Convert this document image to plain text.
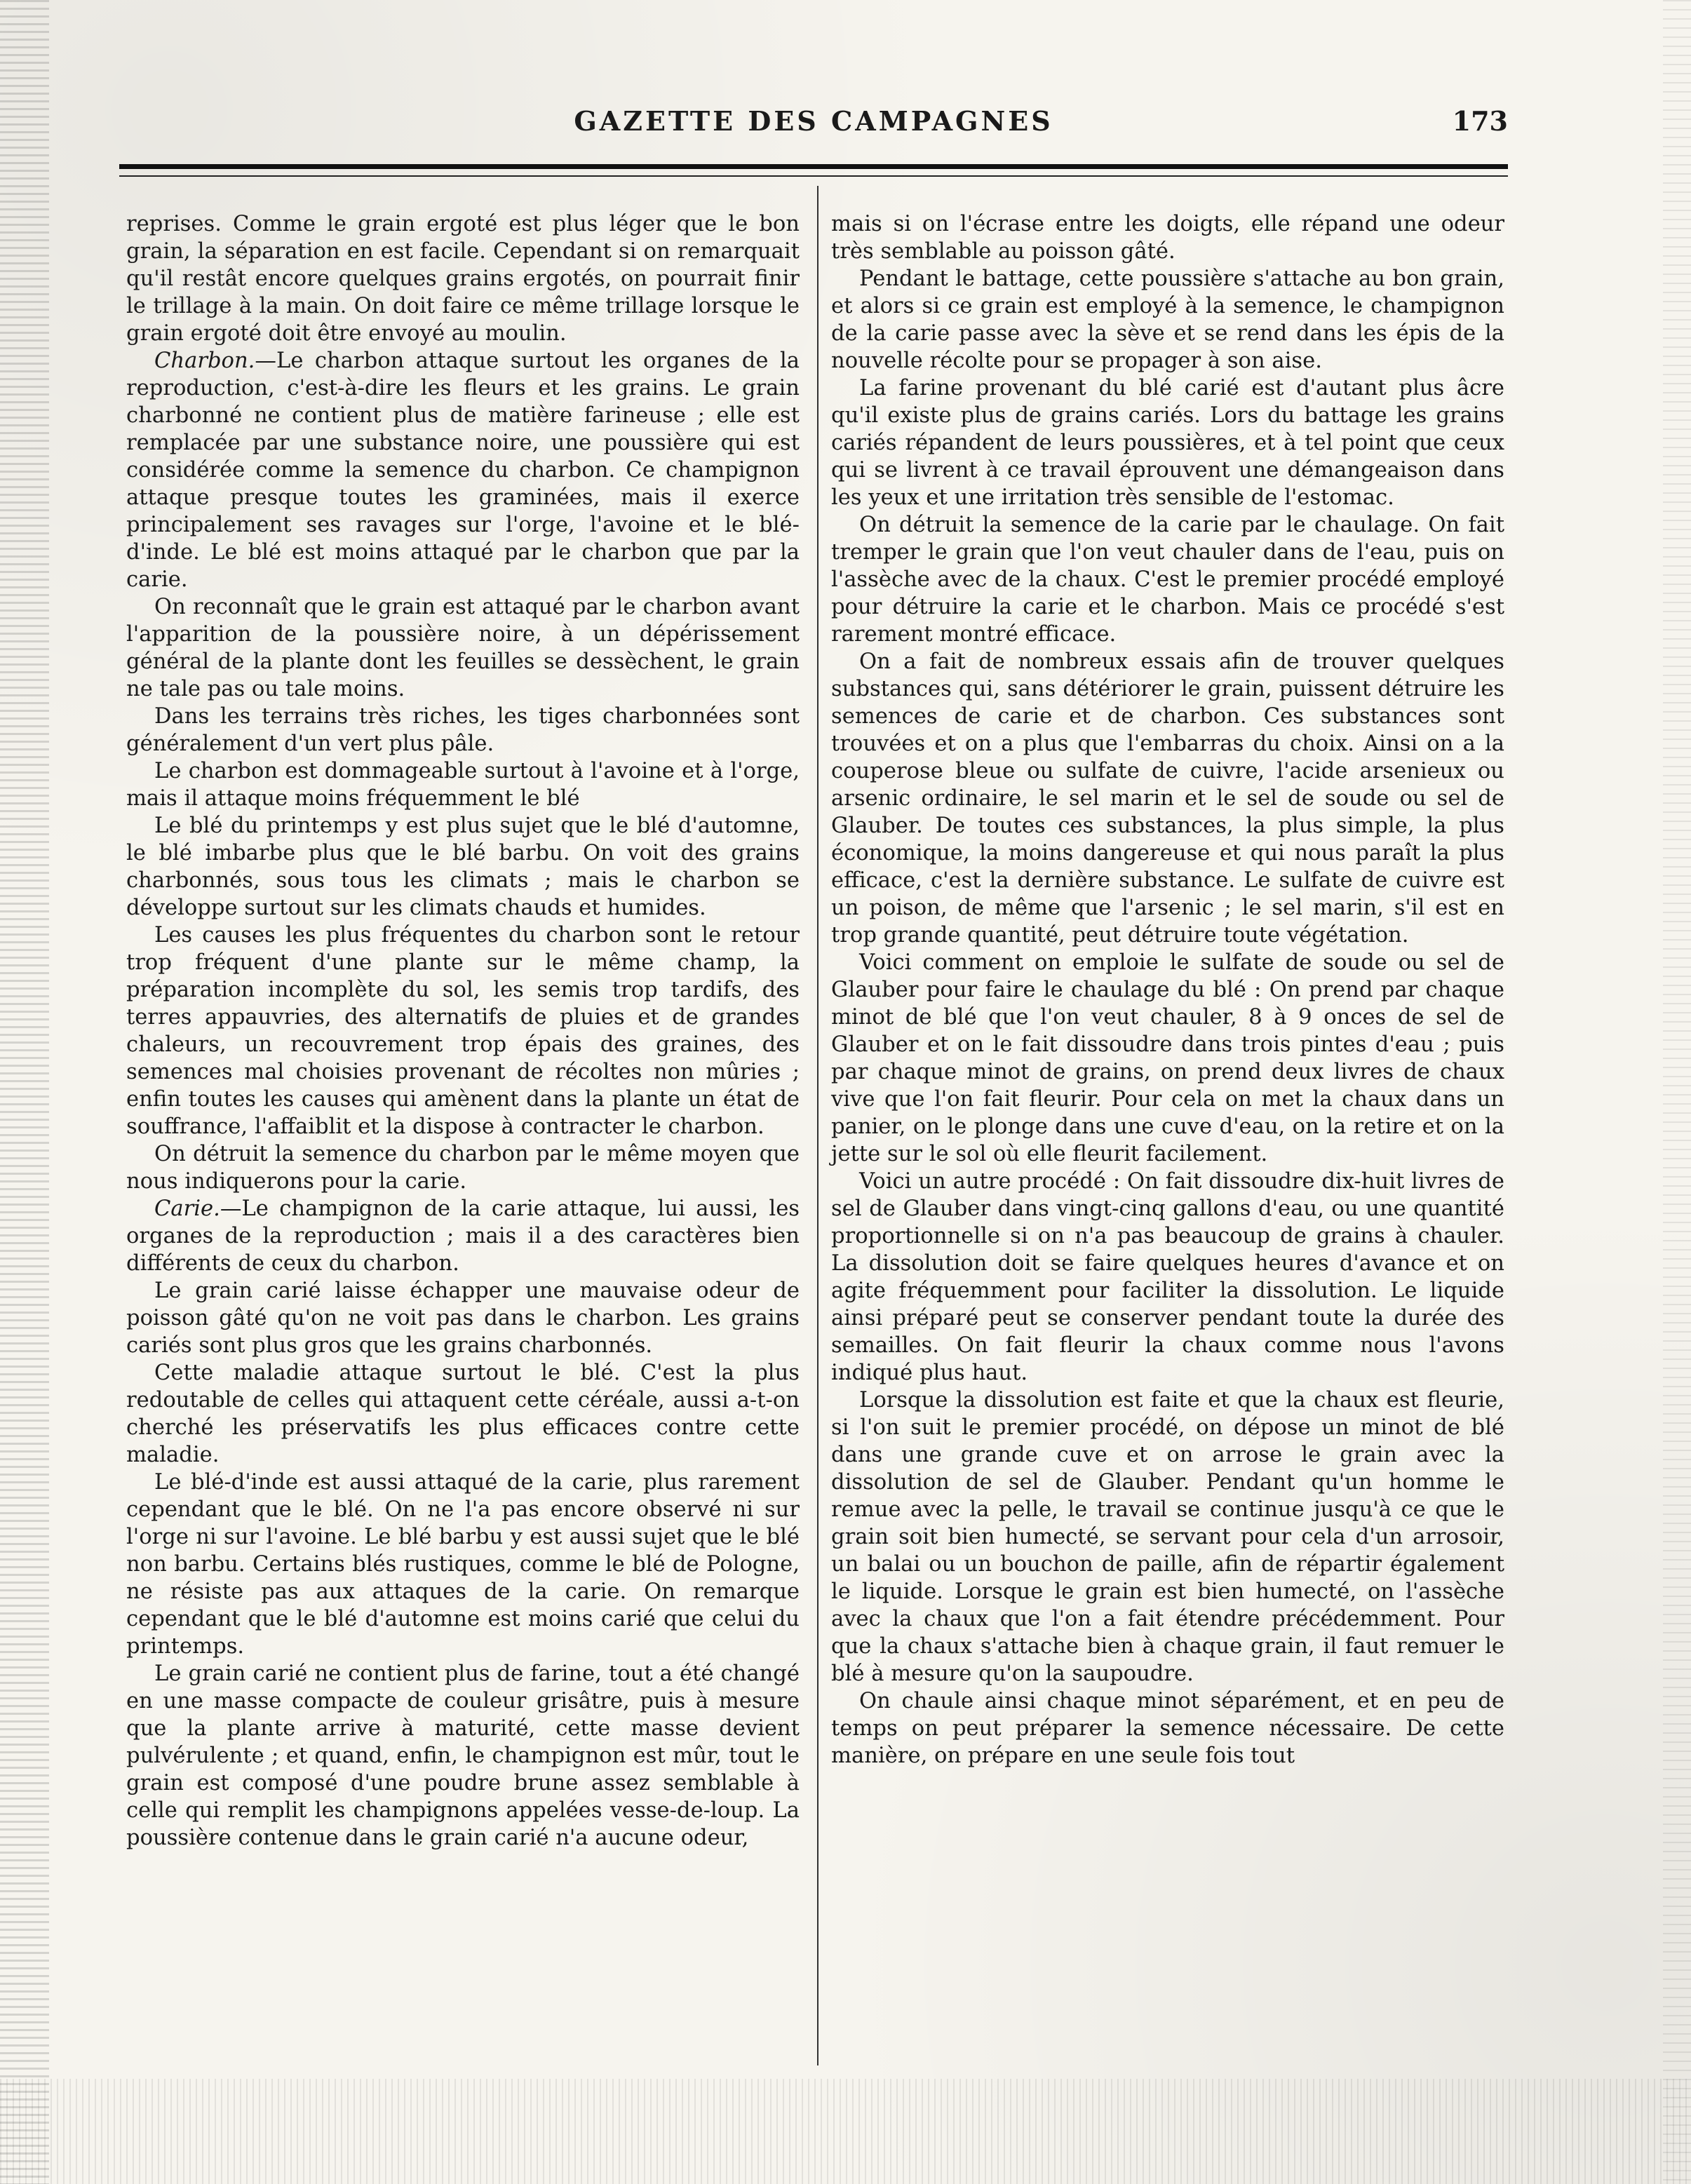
GAZETTE DES CAMPAGNES	173

reprises. Comme le grain ergoté est plus léger que le bon grain, la séparation en est facile. Cependant si on remarquait qu'il restât encore quelques grains ergotés, on pourrait finir le trillage à la main. On doit faire ce même trillage lorsque le grain ergoté doit être envoyé au moulin.

Charbon.—Le charbon attaque surtout les organes de la reproduction, c'est-à-dire les fleurs et les grains. Le grain charbonné ne contient plus de matière farineuse ; elle est remplacée par une substance noire, une poussière qui est considérée comme la semence du charbon. Ce champignon attaque presque toutes les graminées, mais il exerce principalement ses ravages sur l'orge, l'avoine et le blé-d'inde. Le blé est moins attaqué par le charbon que par la carie.

On reconnaît que le grain est attaqué par le charbon avant l'apparition de la poussière noire, à un dépérissement général de la plante dont les feuilles se dessèchent, le grain ne tale pas ou tale moins.

Dans les terrains très riches, les tiges charbonnées sont généralement d'un vert plus pâle.

Le charbon est dommageable surtout à l'avoine et à l'orge, mais il attaque moins fréquemment le blé

Le blé du printemps y est plus sujet que le blé d'automne, le blé imbarbe plus que le blé barbu. On voit des grains charbonnés, sous tous les climats ; mais le charbon se développe surtout sur les climats chauds et humides.

Les causes les plus fréquentes du charbon sont le retour trop fréquent d'une plante sur le même champ, la préparation incomplète du sol, les semis trop tardifs, des terres appauvries, des alternatifs de pluies et de grandes chaleurs, un recouvrement trop épais des graines, des semences mal choisies provenant de récoltes non mûries ; enfin toutes les causes qui amènent dans la plante un état de souffrance, l'affaiblit et la dispose à contracter le charbon.

On détruit la semence du charbon par le même moyen que nous indiquerons pour la carie.

Carie.—Le champignon de la carie attaque, lui aussi, les organes de la reproduction ; mais il a des caractères bien différents de ceux du charbon.

Le grain carié laisse échapper une mauvaise odeur de poisson gâté qu'on ne voit pas dans le charbon. Les grains cariés sont plus gros que les grains charbonnés.

Cette maladie attaque surtout le blé. C'est la plus redoutable de celles qui attaquent cette céréale, aussi a-t-on cherché les préservatifs les plus efficaces contre cette maladie.

Le blé-d'inde est aussi attaqué de la carie, plus rarement cependant que le blé. On ne l'a pas encore observé ni sur l'orge ni sur l'avoine. Le blé barbu y est aussi sujet que le blé non barbu. Certains blés rustiques, comme le blé de Pologne, ne résiste pas aux attaques de la carie. On remarque cependant que le blé d'automne est moins carié que celui du printemps.

Le grain carié ne contient plus de farine, tout a été changé en une masse compacte de couleur grisâtre, puis à mesure que la plante arrive à maturité, cette masse devient pulvérulente ; et quand, enfin, le champignon est mûr, tout le grain est composé d'une poudre brune assez semblable à celle qui remplit les champignons appelées vesse-de-loup. La poussière contenue dans le grain carié n'a aucune odeur,

mais si on l'écrase entre les doigts, elle répand une odeur très semblable au poisson gâté.

Pendant le battage, cette poussière s'attache au bon grain, et alors si ce grain est employé à la semence, le champignon de la carie passe avec la sève et se rend dans les épis de la nouvelle récolte pour se propager à son aise.

La farine provenant du blé carié est d'autant plus âcre qu'il existe plus de grains cariés. Lors du battage les grains cariés répandent de leurs poussières, et à tel point que ceux qui se livrent à ce travail éprouvent une démangeaison dans les yeux et une irritation très sensible de l'estomac.

On détruit la semence de la carie par le chaulage. On fait tremper le grain que l'on veut chauler dans de l'eau, puis on l'assèche avec de la chaux. C'est le premier procédé employé pour détruire la carie et le charbon. Mais ce procédé s'est rarement montré efficace.

On a fait de nombreux essais afin de trouver quelques substances qui, sans détériorer le grain, puissent détruire les semences de carie et de charbon. Ces substances sont trouvées et on a plus que l'embarras du choix. Ainsi on a la couperose bleue ou sulfate de cuivre, l'acide arsenieux ou arsenic ordinaire, le sel marin et le sel de soude ou sel de Glauber. De toutes ces substances, la plus simple, la plus économique, la moins dangereuse et qui nous paraît la plus efficace, c'est la dernière substance. Le sulfate de cuivre est un poison, de même que l'arsenic ; le sel marin, s'il est en trop grande quantité, peut détruire toute végétation.

Voici comment on emploie le sulfate de soude ou sel de Glauber pour faire le chaulage du blé : On prend par chaque minot de blé que l'on veut chauler, 8 à 9 onces de sel de Glauber et on le fait dissoudre dans trois pintes d'eau ; puis par chaque minot de grains, on prend deux livres de chaux vive que l'on fait fleurir. Pour cela on met la chaux dans un panier, on le plonge dans une cuve d'eau, on la retire et on la jette sur le sol où elle fleurit facilement.

Voici un autre procédé : On fait dissoudre dix-huit livres de sel de Glauber dans vingt-cinq gallons d'eau, ou une quantité proportionnelle si on n'a pas beaucoup de grains à chauler. La dissolution doit se faire quelques heures d'avance et on agite fréquemment pour faciliter la dissolution. Le liquide ainsi préparé peut se conserver pendant toute la durée des semailles. On fait fleurir la chaux comme nous l'avons indiqué plus haut.

Lorsque la dissolution est faite et que la chaux est fleurie, si l'on suit le premier procédé, on dépose un minot de blé dans une grande cuve et on arrose le grain avec la dissolution de sel de Glauber. Pendant qu'un homme le remue avec la pelle, le travail se continue jusqu'à ce que le grain soit bien humecté, se servant pour cela d'un arrosoir, un balai ou un bouchon de paille, afin de répartir également le liquide. Lorsque le grain est bien humecté, on l'assèche avec la chaux que l'on a fait étendre précédemment. Pour que la chaux s'attache bien à chaque grain, il faut remuer le blé à mesure qu'on la saupoudre.

On chaule ainsi chaque minot séparément, et en peu de temps on peut préparer la semence nécessaire. De cette manière, on prépare en une seule fois tout
